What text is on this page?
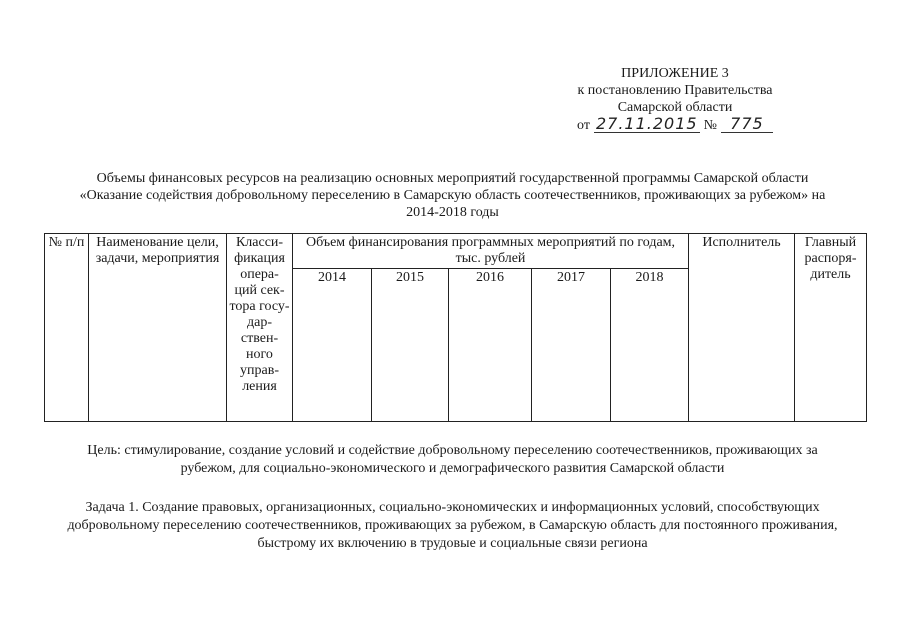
ПРИЛОЖЕНИЕ 3
к постановлению Правительства
Самарской области
от 27.11.2015 № 775
Объемы финансовых ресурсов на реализацию основных мероприятий государственной программы Самарской области «Оказание содействия добровольному переселению в Самарскую область соотечественников, проживающих за рубежом» на 2014-2018 годы
№ п/п	Наименование цели, задачи, мероприятия	Класси-фикация опера-ций сек-тора госу-дар-ствен-ного управ-ления	Объем финансирования программных мероприятий по годам, тыс. рублей					Исполнитель	Главный распоря-дитель
			2014	2015	2016	2017	2018		
Цель: стимулирование, создание условий и содействие добровольному переселению соотечественников, проживающих за рубежом, для социально-экономического и демографического развития Самарской области
Задача 1. Создание правовых, организационных, социально-экономических и информационных условий, способствующих добровольному переселению соотечественников, проживающих за рубежом, в Самарскую область для постоянного проживания, быстрому их включению в трудовые и социальные связи региона
